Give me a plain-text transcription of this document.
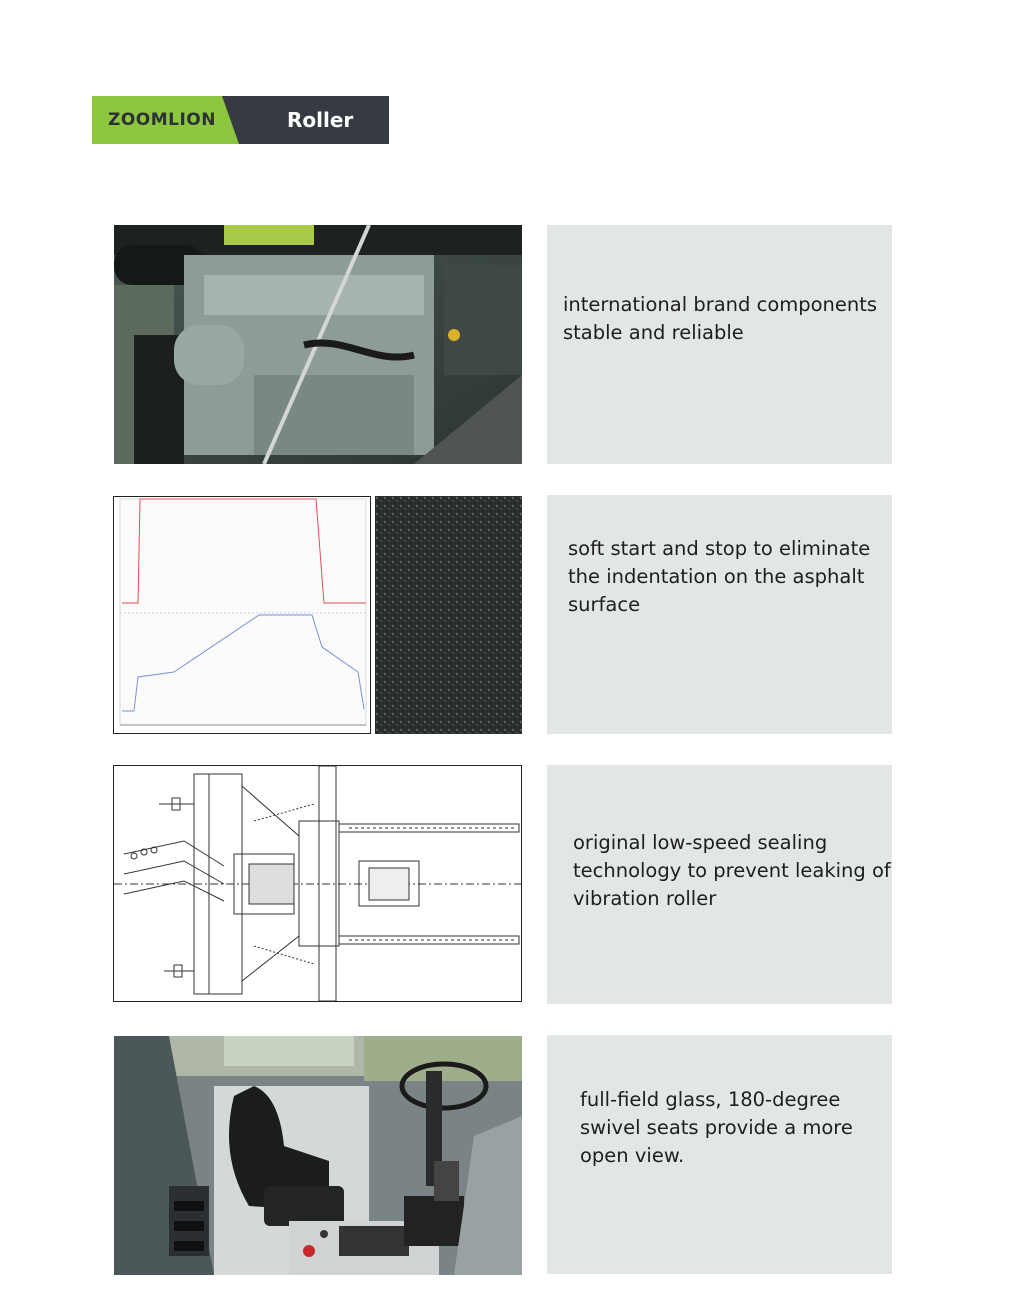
ZOOMLION	Roller

international brand components
stable and reliable

soft start and stop to eliminate
the indentation on the asphalt
surface

original low-speed sealing
technology to prevent leaking of
vibration roller

full-field glass, 180-degree
swivel seats provide a more
open view.
